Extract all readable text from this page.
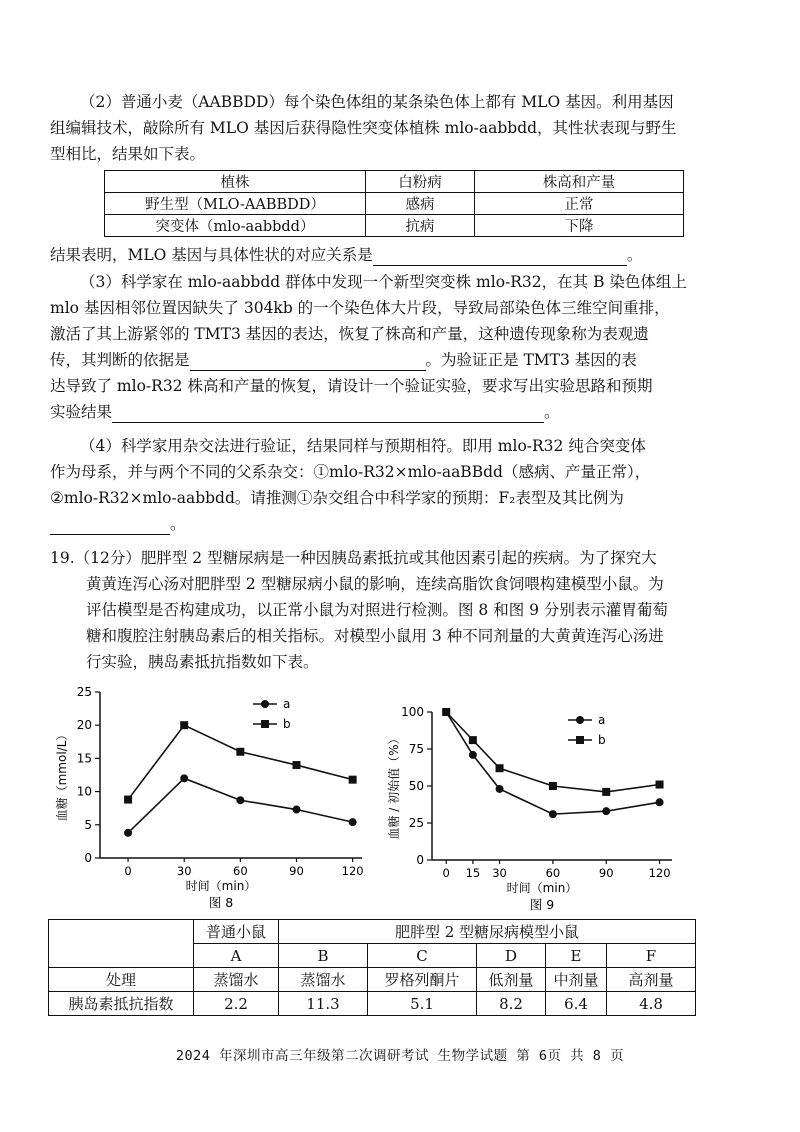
（2）普通小麦（AABBDD）每个染色体组的某条染色体上都有 MLO 基因。利用基因
组编辑技术，敲除所有 MLO 基因后获得隐性突变体植株 mlo-aabbdd，其性状表现与野生
型相比，结果如下表。
植株	白粉病	株高和产量
野生型（MLO-AABBDD）	感病	正常
突变体（mlo-aabbdd）	抗病	下降
结果表明，MLO 基因与具体性状的对应关系是	。
（3）科学家在 mlo-aabbdd 群体中发现一个新型突变株 mlo-R32，在其 B 染色体组上
mlo 基因相邻位置因缺失了 304kb 的一个染色体大片段，导致局部染色体三维空间重排，
激活了其上游紧邻的 TMT3 基因的表达，恢复了株高和产量，这种遗传现象称为表观遗
传，其判断的依据是	。为验证正是 TMT3 基因的表
达导致了 mlo-R32 株高和产量的恢复，请设计一个验证实验，要求写出实验思路和预期
实验结果	。
（4）科学家用杂交法进行验证，结果同样与预期相符。即用 mlo-R32 纯合突变体
作为母系，并与两个不同的父系杂交：①mlo-R32×mlo-aaBBdd（感病、产量正常），
②mlo-R32×mlo-aabbdd。请推测①杂交组合中科学家的预期：F₂表型及其比例为
。
19.（12分）肥胖型 2 型糖尿病是一种因胰岛素抵抗或其他因素引起的疾病。为了探究大
黄黄连泻心汤对肥胖型 2 型糖尿病小鼠的影响，连续高脂饮食饲喂构建模型小鼠。为
评估模型是否构建成功，以正常小鼠为对照进行检测。图 8 和图 9 分别表示灌胃葡萄
糖和腹腔注射胰岛素后的相关指标。对模型小鼠用 3 种不同剂量的大黄黄连泻心汤进
行实验，胰岛素抵抗指数如下表。
0
5
10
15
20
25
0	30	60	90	120
时间（min）
图 8
血糖（mmol/L）
a
b
0
25
50
75
100
0 15 30	60	90	120
时间（min）
图 9
血糖 / 初始值（%）
a
b
	普通小鼠	肥胖型 2 型糖尿病模型小鼠				
	A	B	C	D	E	F
处理	蒸馏水	蒸馏水	罗格列酮片	低剂量	中剂量	高剂量
胰岛素抵抗指数	2.2	11.3	5.1	8.2	6.4	4.8
2024 年深圳市高三年级第二次调研考试 生物学试题 第 6页 共 8 页
